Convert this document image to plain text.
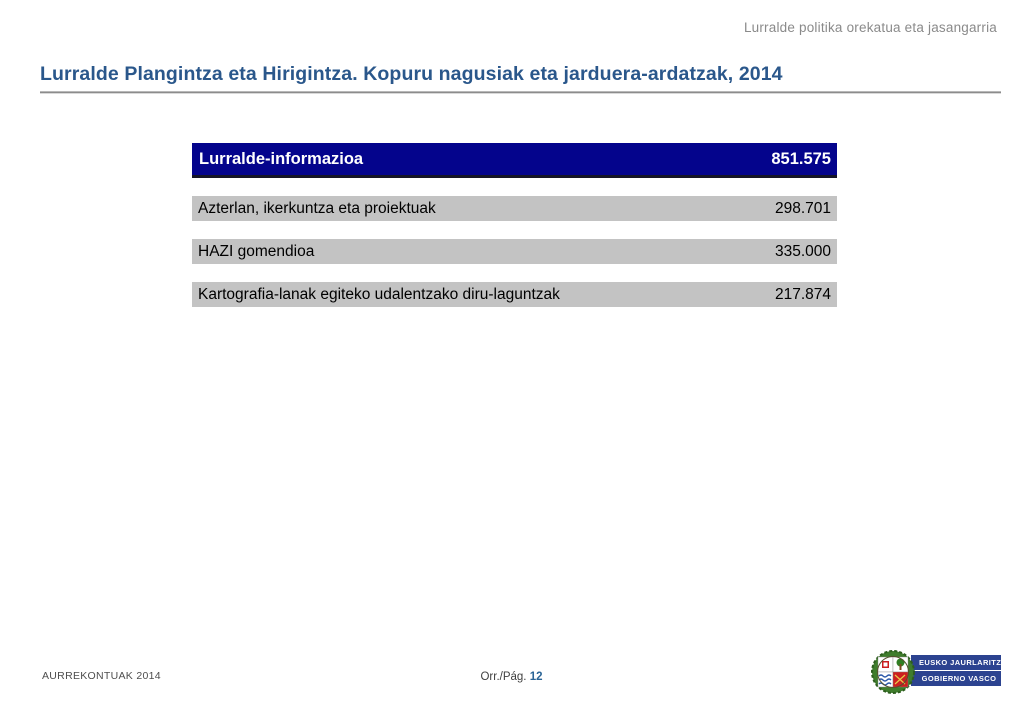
Lurralde politika orekatua eta jasangarria
Lurralde Plangintza eta Hirigintza. Kopuru nagusiak eta jarduera-ardatzak, 2014
Lurralde-informazioa	851.575
Azterlan, ikerkuntza eta proiektuak	298.701
HAZI gomendioa	335.000
Kartografia-lanak egiteko udalentzako diru-laguntzak	217.874
AURREKONTUAK 2014	Orr./Pág. 12
EUSKO JAURLARITZA
GOBIERNO VASCO
